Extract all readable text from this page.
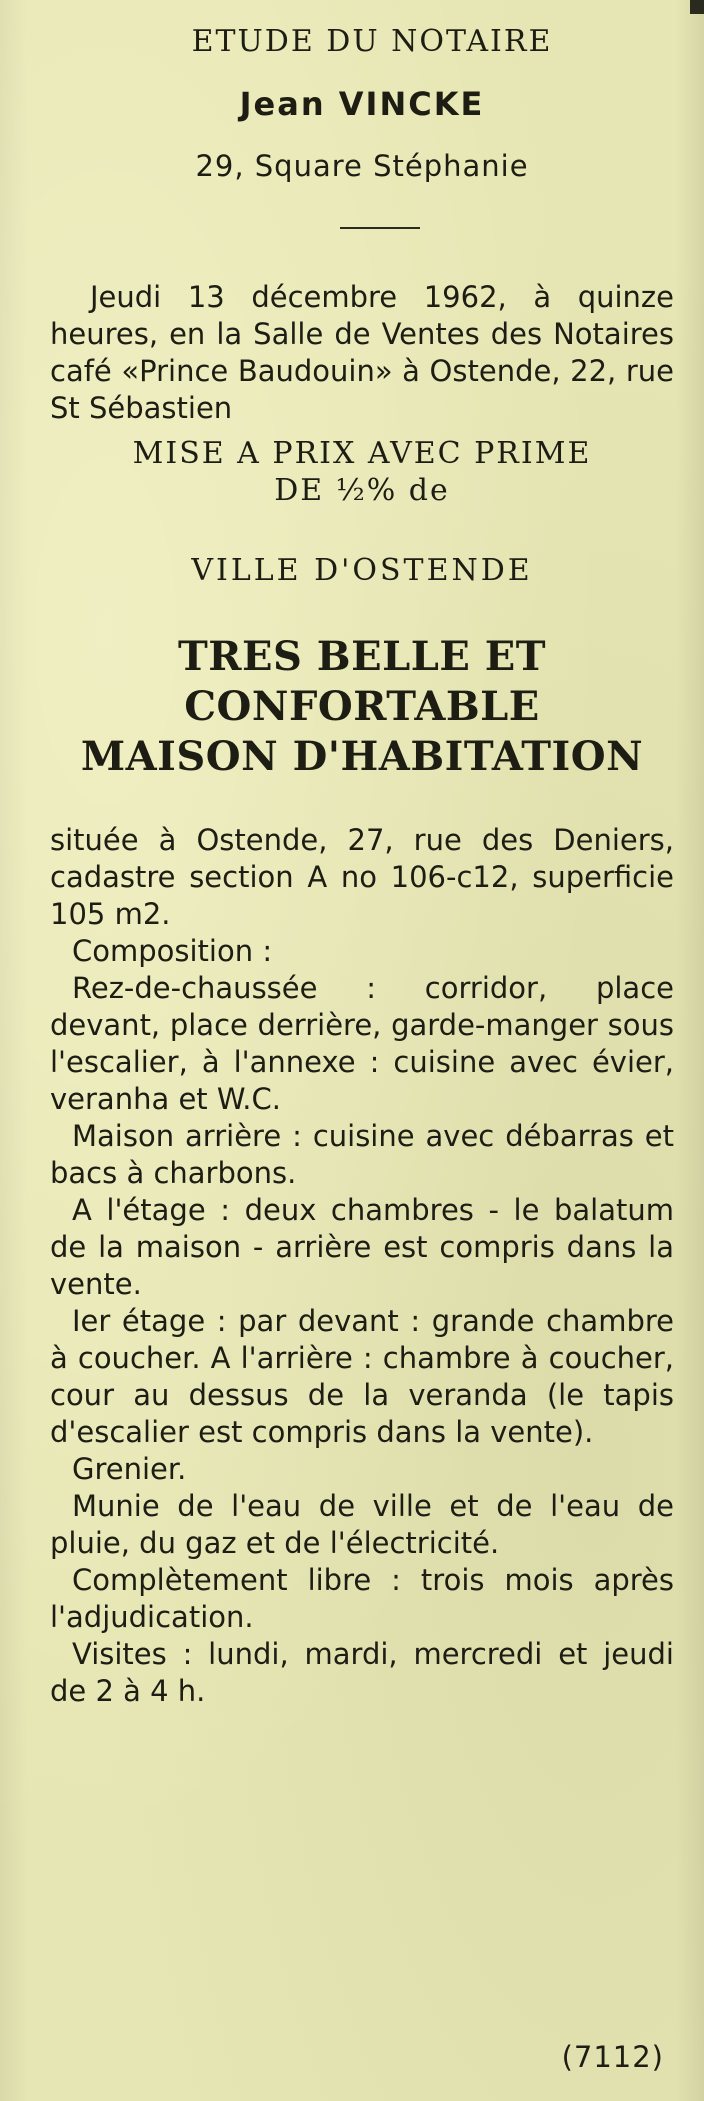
ETUDE DU NOTAIRE

Jean VINCKE

29, Square Stéphanie

Jeudi 13 décembre 1962, à quinze heures, en la Salle de Ventes des Notaires café «Prince Baudouin» à Ostende, 22, rue St Sébastien

MISE A PRIX AVEC PRIME
DE ½% de
VILLE D'OSTENDE
TRES BELLE ET
CONFORTABLE
MAISON D'HABITATION

située à Ostende, 27, rue des Deniers, cadastre section A no 106-c12, superficie 105 m2.

Composition :

Rez-de-chaussée : corridor, place devant, place derrière, garde-manger sous l'escalier, à l'annexe : cuisine avec évier, veranha et W.C.

Maison arrière : cuisine avec débarras et bacs à charbons.

A l'étage : deux chambres - le balatum de la maison - arrière est compris dans la vente.

Ier étage : par devant : grande chambre à coucher. A l'arrière : chambre à coucher, cour au dessus de la veranda (le tapis d'escalier est compris dans la vente).

Grenier.

Munie de l'eau de ville et de l'eau de pluie, du gaz et de l'électricité.

Complètement libre : trois mois après l'adjudication.

Visites : lundi, mardi, mercredi et jeudi de 2 à 4 h.

(7112)
